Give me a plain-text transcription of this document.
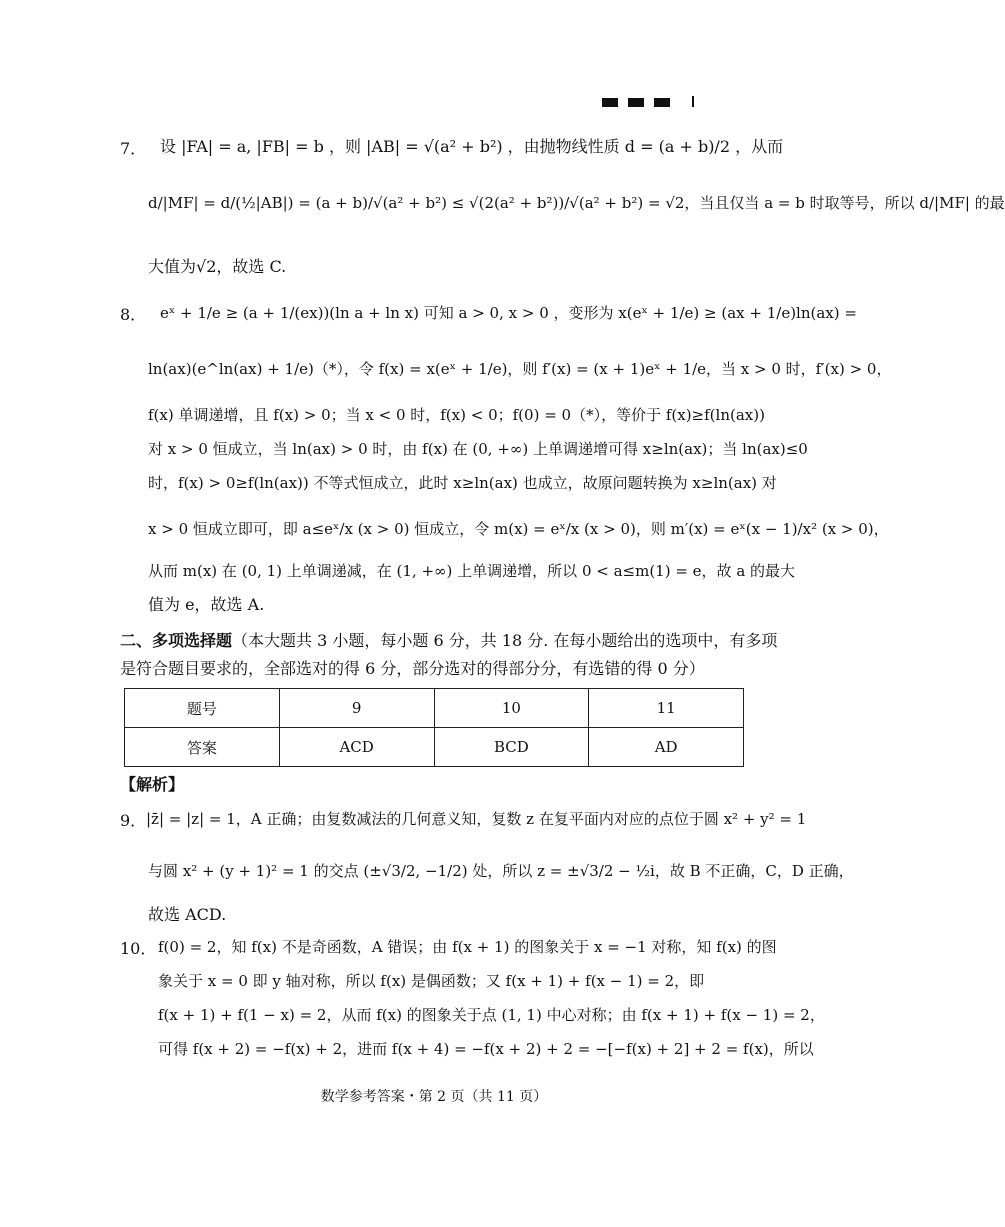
7． 设 |FA| = a, |FB| = b ，则 |AB| = √(a² + b²) ，由抛物线性质 d = (a + b)/2 ，从而
d/|MF| = d/(½|AB|) = (a + b)/√(a² + b²) ≤ √(2(a² + b²))/√(a² + b²) = √2，当且仅当 a = b 时取等号，所以 d/|MF| 的最
大值为√2，故选 C.
8． eˣ + 1/e ≥ (a + 1/(ex))(ln a + ln x) 可知 a > 0, x > 0 ，变形为 x(eˣ + 1/e) ≥ (ax + 1/e)ln(ax) =
ln(ax)(e^ln(ax) + 1/e)（*），令 f(x) = x(eˣ + 1/e)，则 f′(x) = (x + 1)eˣ + 1/e，当 x > 0 时，f′(x) > 0，
f(x) 单调递增，且 f(x) > 0；当 x < 0 时，f(x) < 0；f(0) = 0（*），等价于 f(x)≥f(ln(ax))
对 x > 0 恒成立，当 ln(ax) > 0 时，由 f(x) 在 (0, +∞) 上单调递增可得 x≥ln(ax)；当 ln(ax)≤0
时，f(x) > 0≥f(ln(ax)) 不等式恒成立，此时 x≥ln(ax) 也成立，故原问题转换为 x≥ln(ax) 对
x > 0 恒成立即可，即 a≤eˣ/x (x > 0) 恒成立，令 m(x) = eˣ/x (x > 0)，则 m′(x) = eˣ(x − 1)/x² (x > 0)，
从而 m(x) 在 (0, 1) 上单调递减，在 (1, +∞) 上单调递增，所以 0 < a≤m(1) = e，故 a 的最大
值为 e，故选 A.
二、多项选择题（本大题共 3 小题，每小题 6 分，共 18 分. 在每小题给出的选项中，有多项
是符合题目要求的，全部选对的得 6 分，部分选对的得部分分，有选错的得 0 分）
题号	9	10	11
答案	ACD	BCD	AD
【解析】
9． |z̄| = |z| = 1，A 正确；由复数减法的几何意义知，复数 z 在复平面内对应的点位于圆 x² + y² = 1
与圆 x² + (y + 1)² = 1 的交点 (±√3/2, −1/2) 处，所以 z = ±√3/2 − ½i，故 B 不正确，C，D 正确，
故选 ACD.
10． f(0) = 2，知 f(x) 不是奇函数，A 错误；由 f(x + 1) 的图象关于 x = −1 对称，知 f(x) 的图
象关于 x = 0 即 y 轴对称，所以 f(x) 是偶函数；又 f(x + 1) + f(x − 1) = 2，即
f(x + 1) + f(1 − x) = 2，从而 f(x) 的图象关于点 (1, 1) 中心对称；由 f(x + 1) + f(x − 1) = 2，
可得 f(x + 2) = −f(x) + 2，进而 f(x + 4) = −f(x + 2) + 2 = −[−f(x) + 2] + 2 = f(x)，所以
数学参考答案・第 2 页（共 11 页）
